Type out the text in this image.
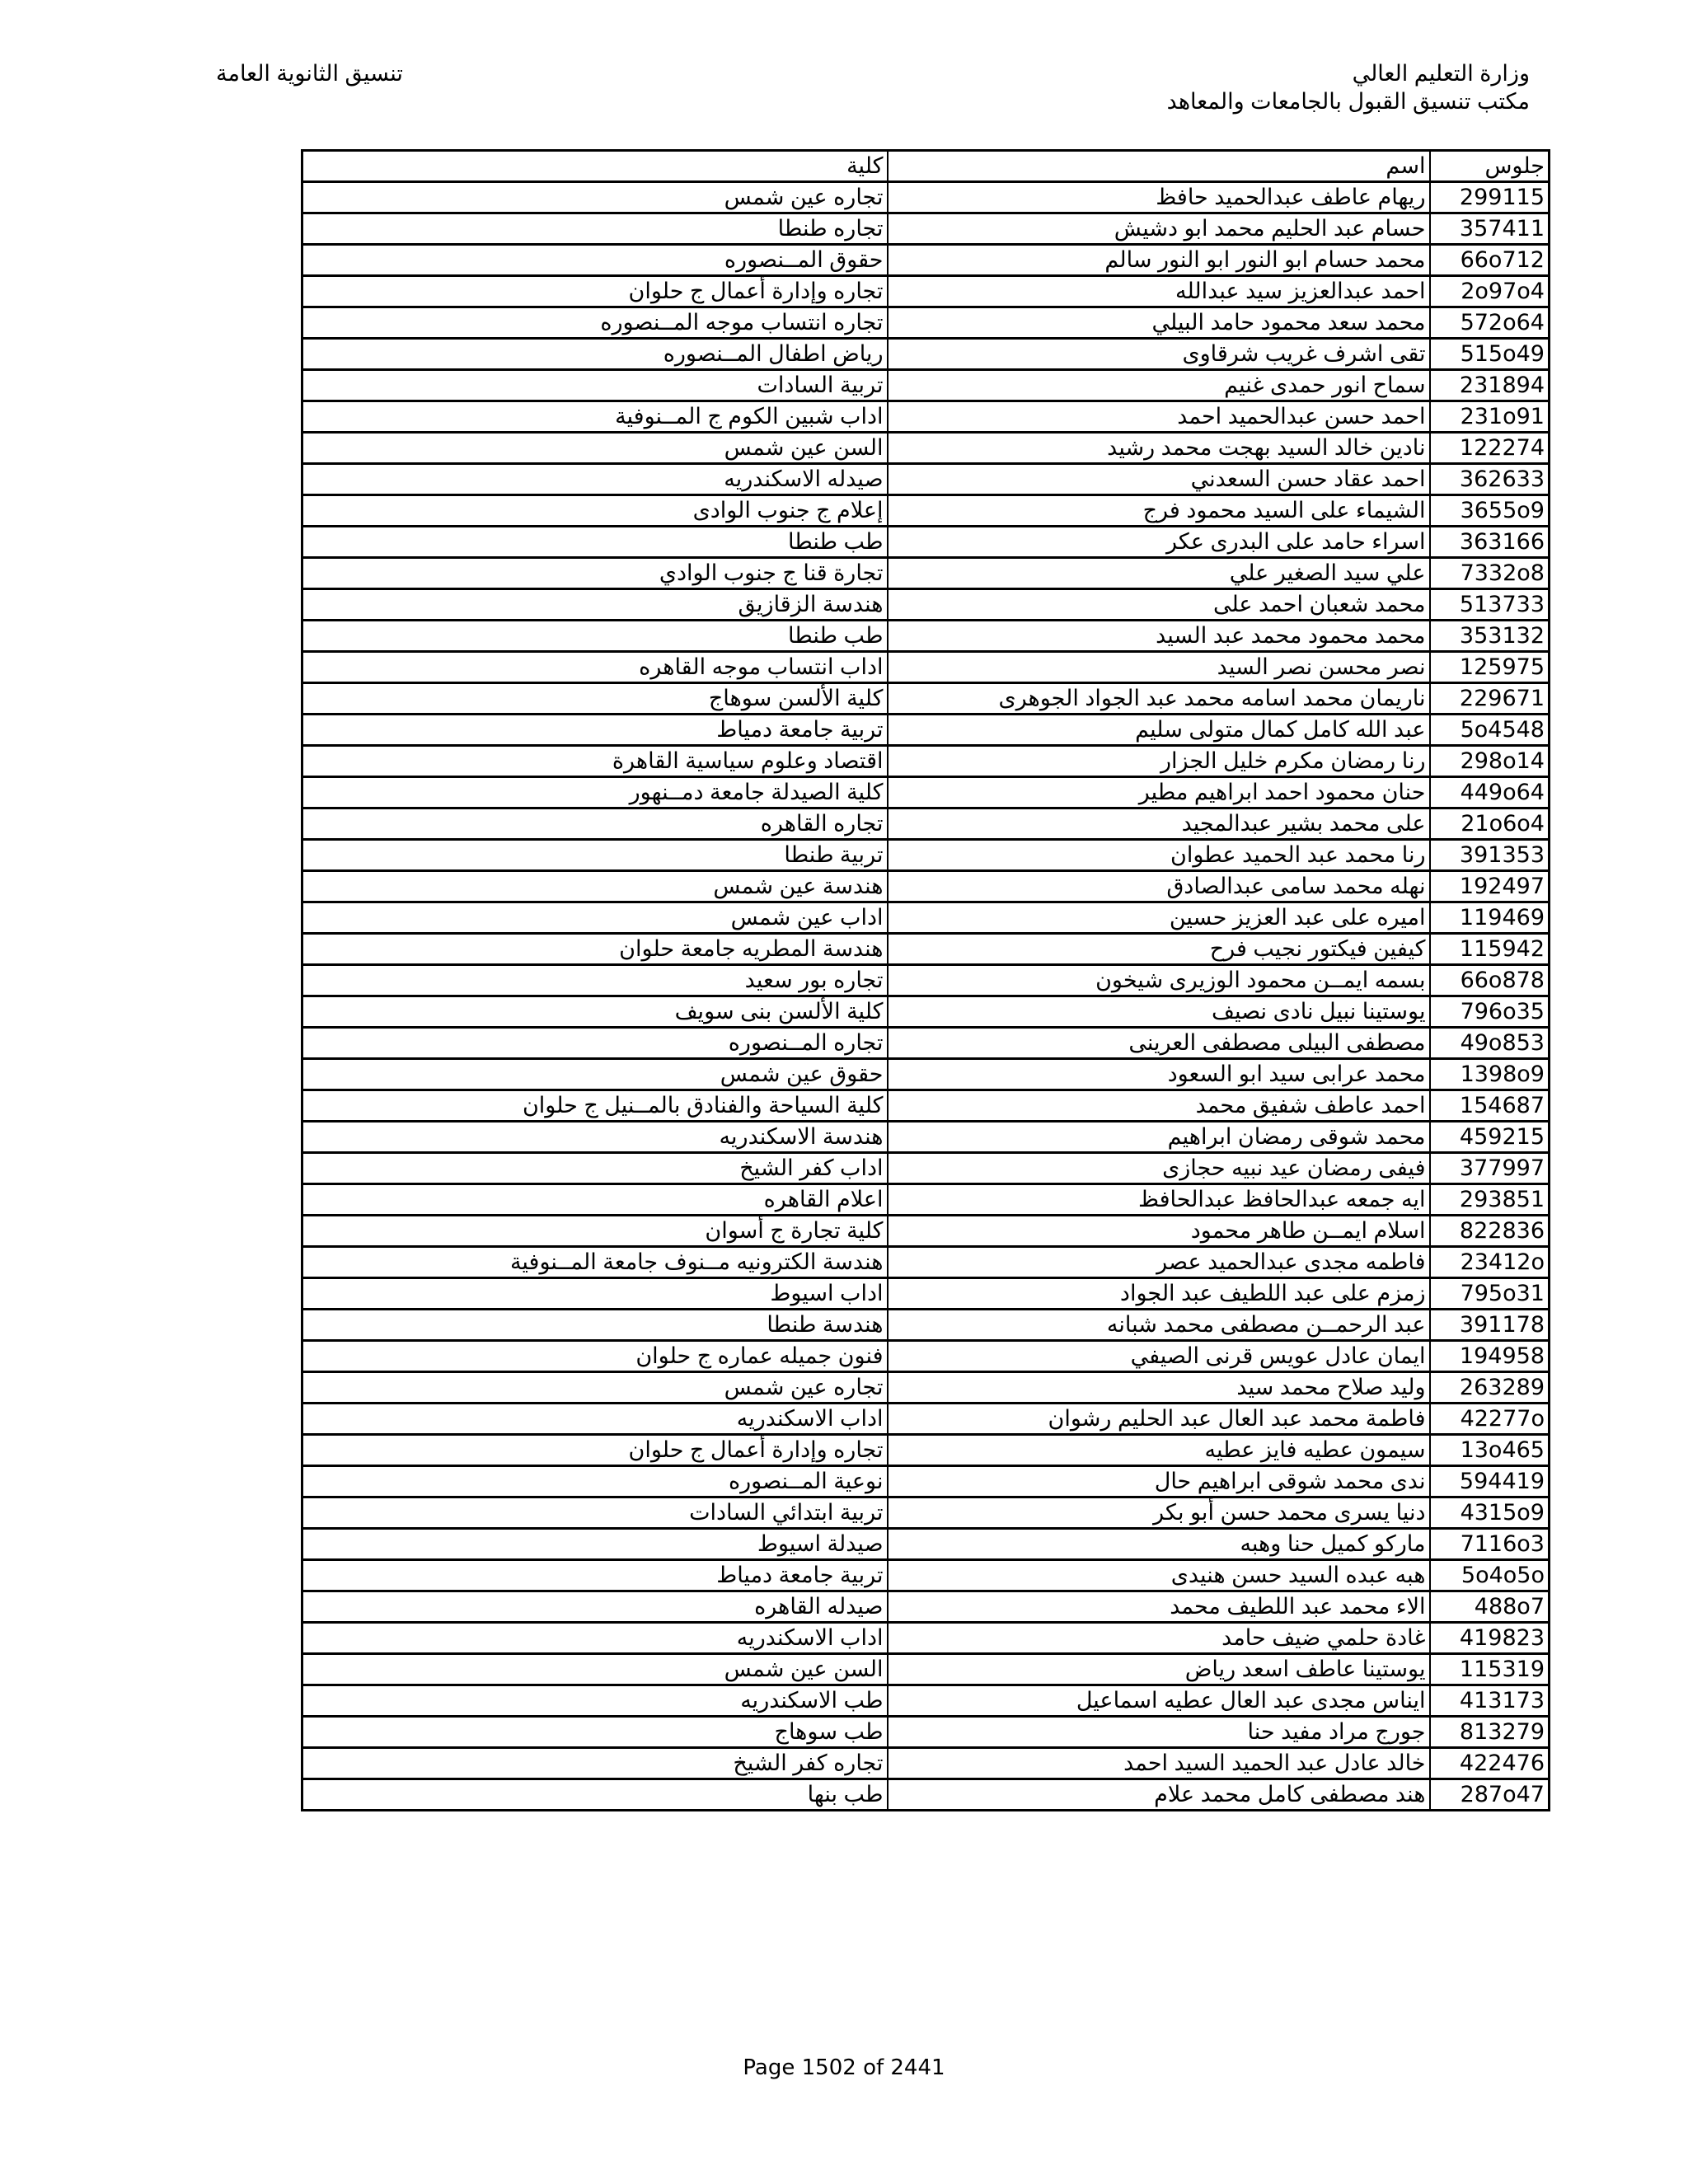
وزارة التعليم العالي
مكتب تنسيق القبول بالجامعات والمعاهد
تنسيق الثانوية العامة
جلوس	اسم	كلية
299115	ريهام عاطف عبدالحميد حافظ	تجاره عين شمس
357411	حسام عبد الحليم محمد ابو دشيش	تجاره طنطا
66o712	محمد حسام ابو النور ابو النور سالم	حقوق المــنصوره
2o97o4	احمد عبدالعزيز سيد عبدالله	تجاره وإدارة أعمال ج حلوان
572o64	محمد سعد محمود حامد البيلي	تجاره انتساب موجه المــنصوره
515o49	تقى اشرف غريب شرقاوى	رياض اطفال المــنصوره
231894	سماح انور حمدى غنيم	تربية السادات
231o91	احمد حسن عبدالحميد احمد	اداب شبين الكوم ج المــنوفية
122274	نادين خالد السيد بهجت محمد رشيد	السن عين شمس
362633	احمد عقاد حسن السعدني	صيدله الاسكندريه
3655o9	الشيماء على السيد محمود فرج	إعلام ج جنوب الوادى
363166	اسراء حامد على البدرى عكر	طب طنطا
7332o8	علي سيد الصغير علي	تجارة قنا ج جنوب الوادي
513733	محمد شعبان احمد على	هندسة الزقازيق
353132	محمد محمود محمد عبد السيد	طب طنطا
125975	نصر محسن نصر السيد	اداب انتساب موجه القاهره
229671	ناريمان محمد اسامه محمد عبد الجواد الجوهرى	كلية الألسن سوهاج
5o4548	عبد الله كامل كمال متولى سليم	تربية جامعة دمياط
298o14	رنا رمضان مكرم خليل الجزار	اقتصاد وعلوم سياسية القاهرة
449o64	حنان محمود احمد ابراهيم مطير	كلية الصيدلة جامعة دمــنهور
21o6o4	على محمد بشير عبدالمجيد	تجاره القاهره
391353	رنا محمد عبد الحميد عطوان	تربية طنطا
192497	نهله محمد سامى عبدالصادق	هندسة عين شمس
119469	اميره على عبد العزيز حسين	اداب عين شمس
115942	كيفين فيكتور نجيب فرح	هندسة المطريه جامعة حلوان
66o878	بسمه ايمــن محمود الوزيرى شيخون	تجاره بور سعيد
796o35	يوستينا نبيل نادى نصيف	كلية الألسن بنى سويف
49o853	مصطفى البيلى مصطفى العرينى	تجاره المــنصوره
1398o9	محمد عرابى سيد ابو السعود	حقوق عين شمس
154687	احمد عاطف شفيق محمد	كلية السياحة والفنادق بالمــنيل ج حلوان
459215	محمد شوقى رمضان ابراهيم	هندسة الاسكندريه
377997	فيفى رمضان عيد نبيه حجازى	اداب كفر الشيخ
293851	ايه جمعه عبدالحافظ عبدالحافظ	اعلام القاهره
822836	اسلام ايمــن طاهر محمود	كلية تجارة ج أسوان
23412o	فاطمه مجدى عبدالحميد عصر	هندسة الكترونيه مــنوف جامعة المــنوفية
795o31	زمزم على عبد اللطيف عبد الجواد	اداب اسيوط
391178	عبد الرحمــن مصطفى محمد شبانه	هندسة طنطا
194958	ايمان عادل عويس قرنى الصيفي	فنون جميله عماره ج حلوان
263289	وليد صلاح محمد سيد	تجاره عين شمس
42277o	فاطمة محمد عبد العال عبد الحليم رشوان	اداب الاسكندريه
13o465	سيمون عطيه فايز عطيه	تجاره وإدارة أعمال ج حلوان
594419	ندى محمد شوقى ابراهيم حال	نوعية المــنصوره
4315o9	دنيا يسرى محمد حسن أبو بكر	تربية ابتدائي السادات
7116o3	ماركو كميل حنا وهبه	صيدلة اسيوط
5o4o5o	هبه عبده السيد حسن هنيدى	تربية جامعة دمياط
488o7	الاء محمد عبد اللطيف محمد	صيدله القاهره
419823	غادة حلمي ضيف حامد	اداب الاسكندريه
115319	يوستينا عاطف اسعد رياض	السن عين شمس
413173	ايناس مجدى عبد العال عطيه اسماعيل	طب الاسكندريه
813279	جورج مراد مفيد حنا	طب سوهاج
422476	خالد عادل عبد الحميد السيد احمد	تجاره كفر الشيخ
287o47	هند مصطفى كامل محمد علام	طب بنها
Page 1502 of 2441
